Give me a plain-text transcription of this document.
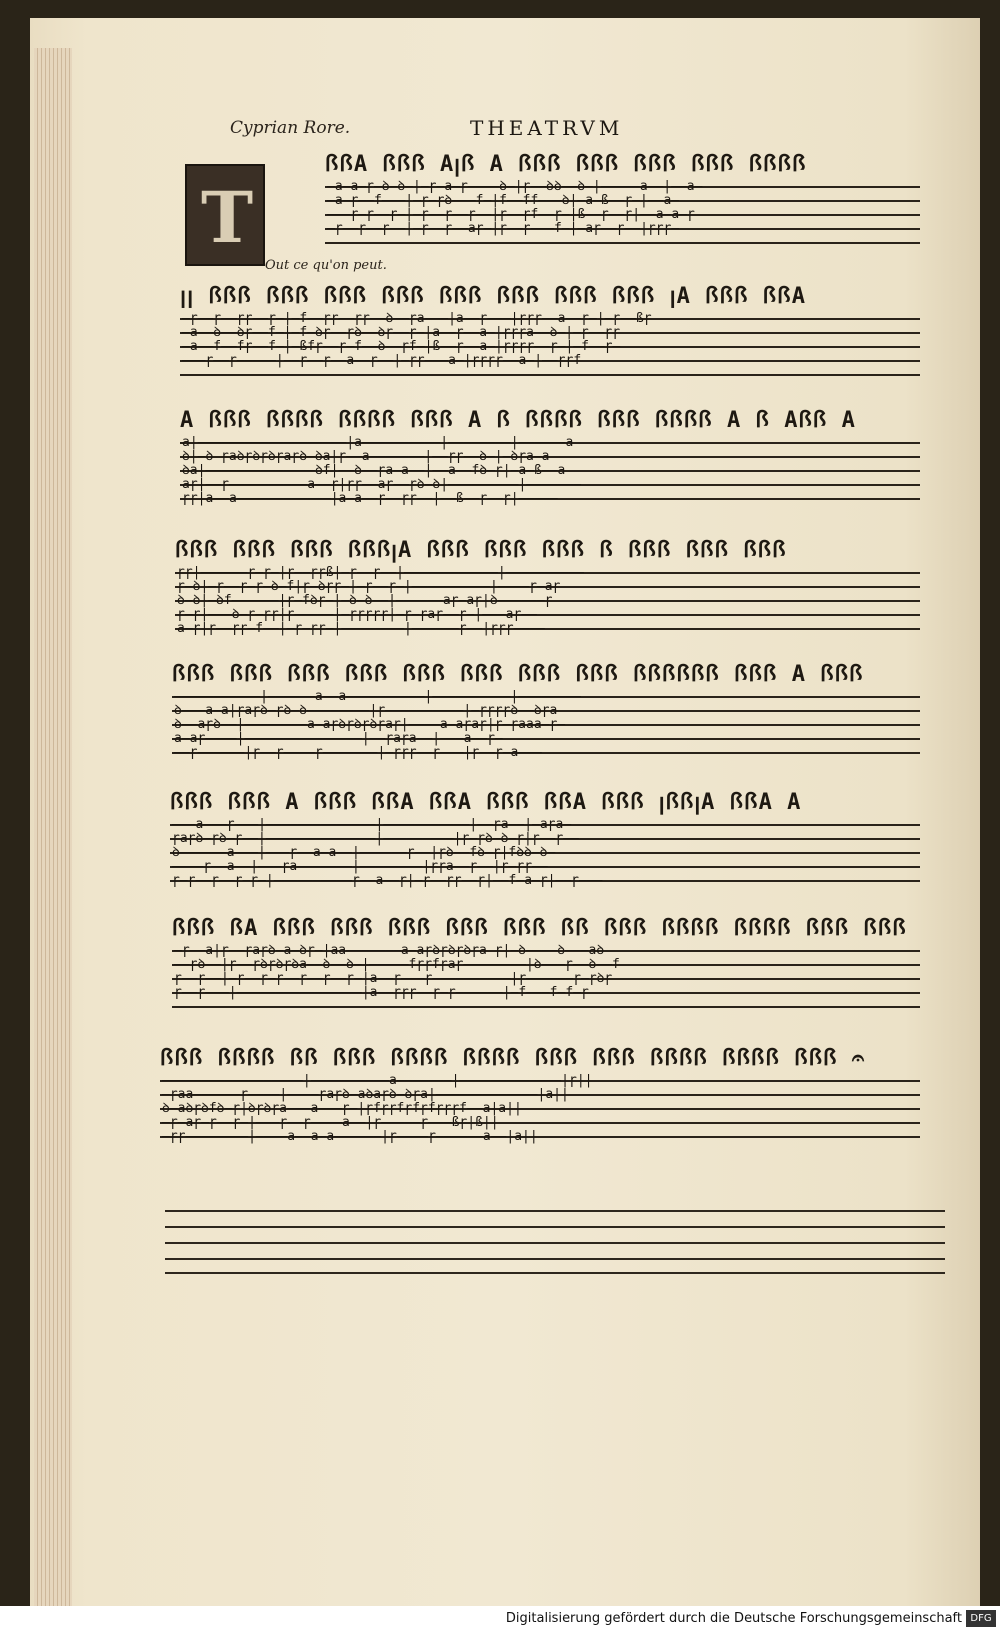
Cyprian Rore.	THEATRVM
T
Out ce qu'on peut.
ꟗꟗA ꟗꟗꟗ Aꞁꟗ A ꟗꟗꟗ ꟗꟗꟗ ꟗꟗꟗ ꟗꟗꟗ ꟗꟗꟗꟗ
—a—a—ɼ—ꝺ—ꝺ—|—ɼ—a—ɼ————ꝺ—|ɼ——ꝺꝺ——ꝺ—|—————a——|——a—
—a—ɼ——f———|—ɼ—ɼꝺ———f—|f——ff———ꝺ|—a—ß——ɼ—|——a—
———ɼ—ɼ——ɼ—|—ɼ——ɼ——ɼ——|ɼ——ɼf——ɼ—|ß——ɼ——ɼ|——a—a—ɼ
—ɼ——ɼ——ɼ——|—ɼ——ɼ——aɼ—|ɼ——ɼ———f—|—aɼ——ɼ——|ɼɼɼ—
ꞁꞁ ꟗꟗꟗ ꟗꟗꟗ ꟗꟗꟗ ꟗꟗꟗ ꟗꟗꟗ ꟗꟗꟗ ꟗꟗꟗ ꟗꟗꟗ ꞁA ꟗꟗꟗ ꟗꟗA
—ɼ——ɼ——ɼɼ——ɼ—|—f——ɼɼ——ɼɼ——ꝺ——ɼa———|a——ɼ———|ɼɼɼ——a——ɼ—|—ɼ——ßɼ
—a——ꝺ——ꝺɼ——f—|—f—ꝺɼ——ɼꝺ——ꝺɼ——ɼ—|a——ɼ——a—|ɼɼɼa——ꝺ—|—ɼ——ɼɼ
—a——f——fɼ——f—|—ßfɼ——ɼ—f——ꝺ——ɼf—|ß——ɼ——a—|ɼɼɼɼ——ɼ—|—f——ɼ—
———ɼ——ɼ—————|——ɼ——ɼ——a——ɼ——|—ɼɼ———a—|ɼɼɼɼ——a—|——ɼɼf
A ꟗꟗꟗ ꟗꟗꟗꟗ ꟗꟗꟗꟗ ꟗꟗꟗ A ꟗ ꟗꟗꟗꟗ ꟗꟗꟗ ꟗꟗꟗꟗ A ꟗ Aꟗꟗ A
a|———————————————————|a——————————|————————|——————a
ꝺ|—ꝺ ɼaꝺɼꝺɼꝺɼaɼꝺ—ꝺa|ɼ——a———————|——ɼɼ——ꝺ—|—ꝺɼa—a
ꝺa|——————————————ꝺf|——ꝺ——ɼa—a——|——a——fꝺ—ɼ|—a—ß——a
aɼ|——ɼ——————————a——ɼ|ɼɼ——aɼ——ɼꝺ—ꝺ|—————————|———————
ɼɼ|a——a————————————|a—a——ɼ——ɼɼ——|——ß——ɼ——ɼ|—————
ꟗꟗꟗ ꟗꟗꟗ ꟗꟗꟗ ꟗꟗꟗꞁA ꟗꟗꟗ ꟗꟗꟗ ꟗꟗꟗ ꟗ ꟗꟗꟗ ꟗꟗꟗ ꟗꟗꟗ
ɼɼ|——————ɼ—ɼ—|ɼ——ɼɼß|—ɼ——ɼ——|————————————|——————————
ɼ—ꝺ|—ɼ——ɼ—ɼ—ꝺ—f|ɼ—ꝺɼɼ—|—ɼ——ɼ—|——————————|————ɼ—aɼ
ꝺ—ꝺ|—ꝺf——————|ɼ—fꝺɼ—|—ꝺ—ꝺ——|——————aɼ—aɼ|ꝺ——————ɼ
ɼ—ɼ|———ꝺ—ɼ—ɼɼ|ɼ—————|—ɼɼɼɼɼ|—ɼ—ɼaɼ——ɼ—|———aɼ——
a—ɼ|ɼ——ɼɼ—f——|—ɼ—ɼɼ—|————————|——————ɼ——|ɼɼɼ————
ꟗꟗꟗ ꟗꟗꟗ ꟗꟗꟗ ꟗꟗꟗ ꟗꟗꟗ ꟗꟗꟗ ꟗꟗꟗ ꟗꟗꟗ ꟗꟗꟗꟗꟗꟗ ꟗꟗꟗ A ꟗꟗꟗ
———————————|——————a——a——————————|——————————|————————
ꝺ———a—a|ɼaɼꝺ—ɼꝺ—ꝺ————————|ɼ——————————|—ɼɼɼɼꝺ——ꝺɼa
ꝺ——aɼꝺ——|————————a—aɼꝺɼꝺɼꝺɼaɼ|————a—aɼaɼ|ɼ—ɼaaa—ɼ—
a—aɼ————|———————————————|——ɼaɼa——|———a——ɼ—
——ɼ——————|ɼ——ɼ————ɼ———————|—ɼɼɼ——ɼ———|ɼ——ɼ—a———
ꟗꟗꟗ ꟗꟗꟗ A ꟗꟗꟗ ꟗꟗA ꟗꟗA ꟗꟗꟗ ꟗꟗA ꟗꟗꟗ ꞁꟗꟗꞁA ꟗꟗA A
———a———ɼ———|——————————————|———————————|——ɼa——|—aɼa—
ɼaɼꝺ—ɼꝺ—ɼ——|——————————————|—————————|ɼ—ɼꝺ—ꝺ—ɼ|ɼ——ɼ——
ꝺ——————a———|———ɼ——a—a——|——————ɼ——|ɼꝺ——fꝺ—ɼ|fꝺꝺ—ꝺ—
————ɼ——a——|———ɼa———————|————————|ɼɼa——ɼ——|ɼ—ɼɼ——
ɼ—ɼ——ɼ——ɼ—ɼ—|——————————ɼ——a——ɼ|—ɼ——ɼɼ——ɼ|——f—a—ɼ|——ɼ———
ꟗꟗꟗ ꟗA ꟗꟗꟗ ꟗꟗꟗ ꟗꟗꟗ ꟗꟗꟗ ꟗꟗꟗ ꟗꟗ ꟗꟗꟗ ꟗꟗꟗꟗ ꟗꟗꟗꟗ ꟗꟗꟗ ꟗꟗꟗ
—ɼ——a|ɼ——ɼaɼꝺ—a—ꝺɼ—|aa———————a—aɼꝺɼꝺɼꝺɼa ɼ|—ꝺ————ꝺ———aꝺ
——ɼꝺ——|ɼ——ɼꝺɼꝺɼꝺa——ꝺ——ꝺ—|—————fɼɼfɼaɼ————————|ꝺ———ɼ——ꝺ——f
ɼ——ɼ——|—ɼ——ɼ—ɼ——ɼ——ɼ——ɼ—|a——ɼ———ɼ——————————|ɼ——————ɼ—ɼꝺɼ
ɼ——ɼ———|————————————————|a——ɼɼɼ——ɼ—ɼ——————|—f———f—f—ɼ
ꟗꟗꟗ ꟗꟗꟗꟗ ꟗꟗ ꟗꟗꟗ ꟗꟗꟗꟗ ꟗꟗꟗꟗ ꟗꟗꟗ ꟗꟗꟗ ꟗꟗꟗꟗ ꟗꟗꟗꟗ ꟗꟗꟗ 𝄐
——————————————————|——————————a———————|—————————————|ɼ||
—ɼaa——————ɼ————|————ɼaɼꝺ—aꝺaɼꝺ—ꝺɼa|—————————————|a||
ꝺ—aꝺɼꝺfꝺ—ɼ|ꝺɼꝺɼa———a———ɼ—|ɼfɼɼfɼfɼfɼɼɼf——a|a||
—ɼ—aɼ—ɼ——ɼ—|———ɼ——ɼ————a——|ɼ—————ɼ———ßɼ|ß||
—ɼɼ————————|————a——a—a——————|ɼ————ɼ——————a——|a||
Digitalisierung gefördert durch die Deutsche Forschungsgemeinschaft DFG
